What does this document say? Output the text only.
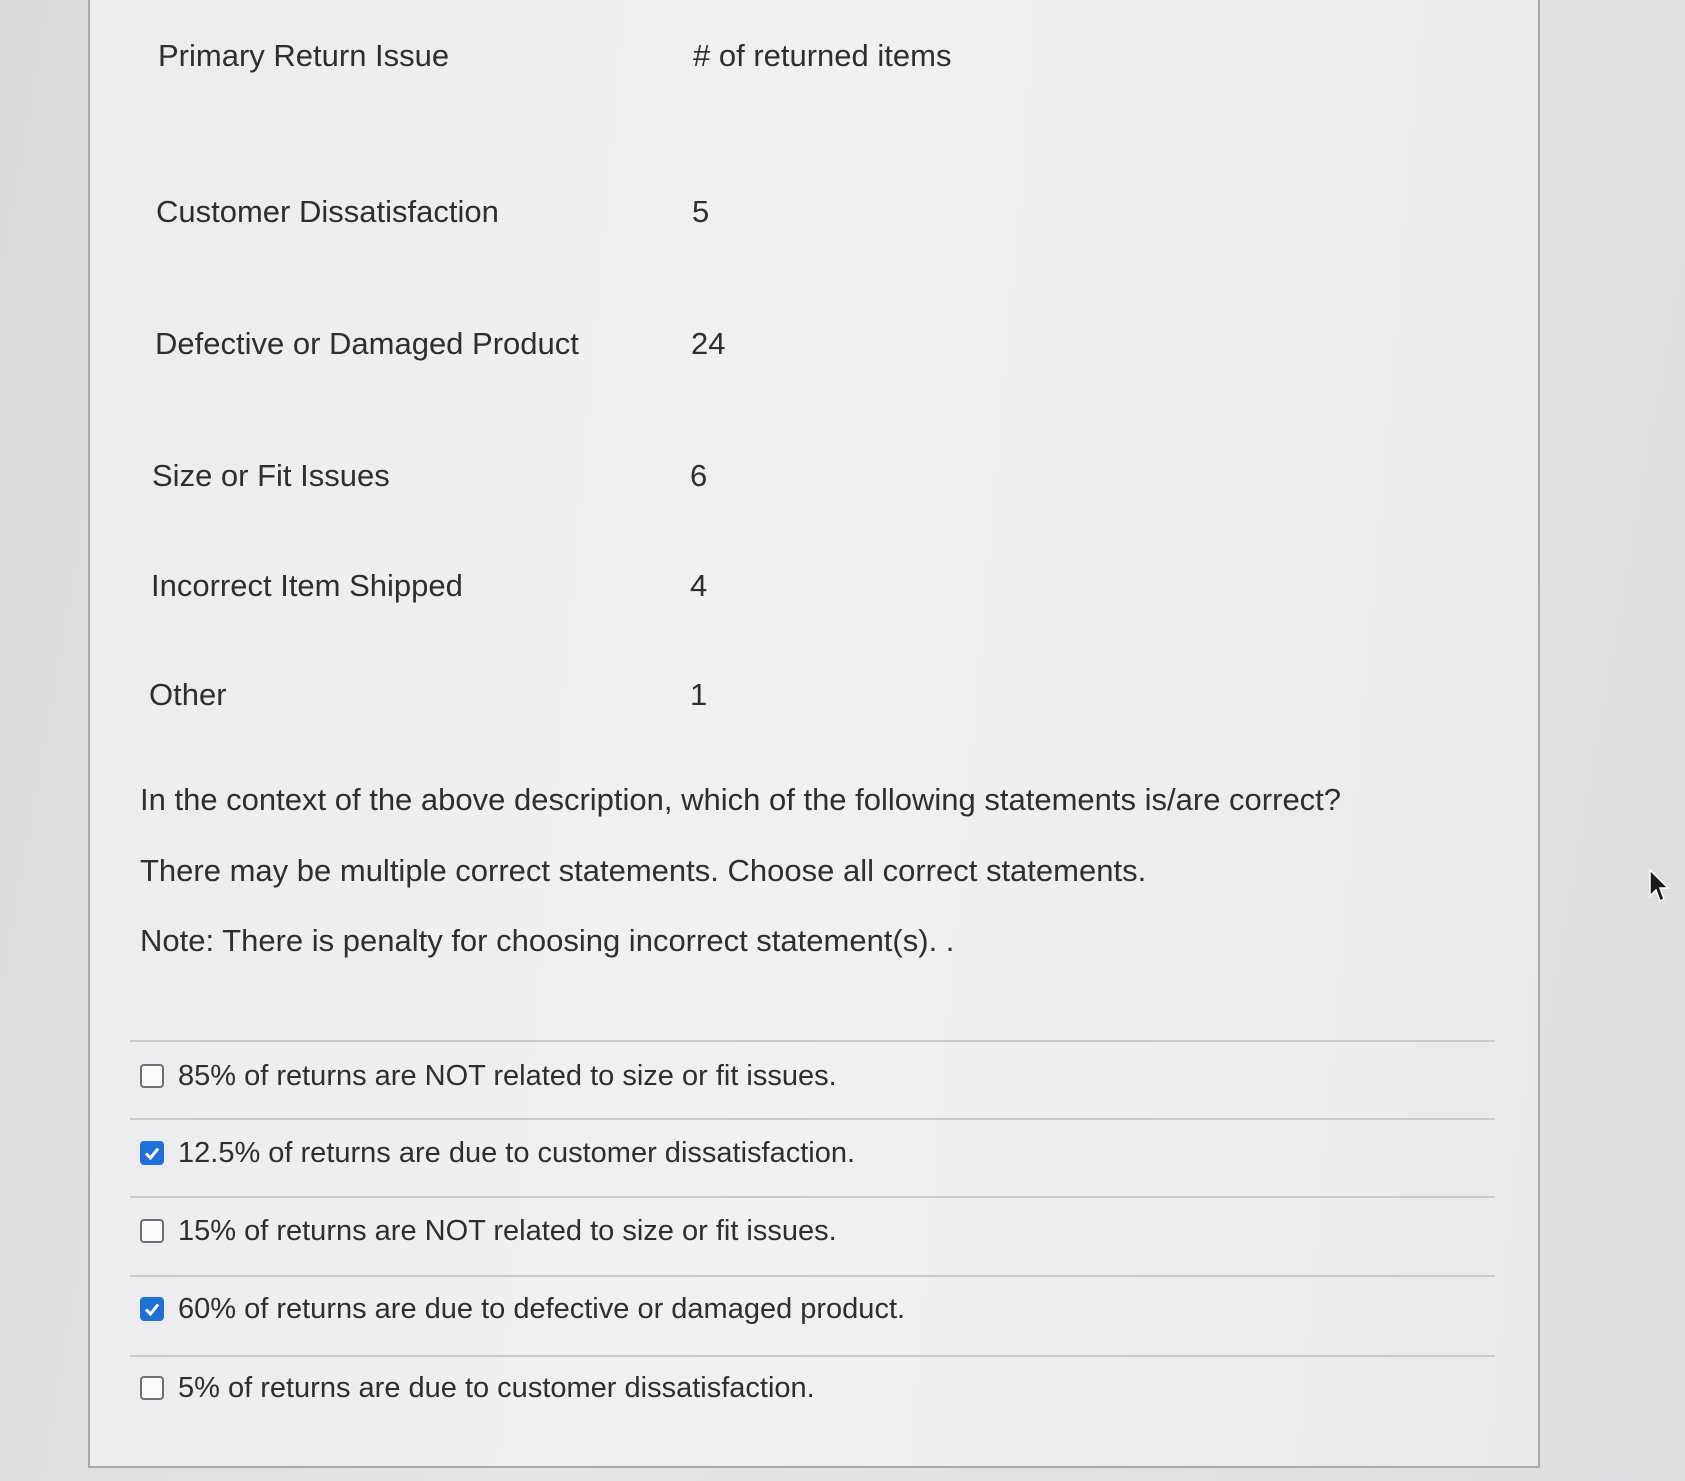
Primary Return Issue	# of returned items
Customer Dissatisfaction	5
Defective or Damaged Product	24
Size or Fit Issues	6
Incorrect Item Shipped	4
Other	1
In the context of the above description, which of the following statements is/are correct?
There may be multiple correct statements. Choose all correct statements.
Note: There is penalty for choosing incorrect statement(s). .
85% of returns are NOT related to size or fit issues.
12.5% of returns are due to customer dissatisfaction.
15% of returns are NOT related to size or fit issues.
60% of returns are due to defective or damaged product.
5% of returns are due to customer dissatisfaction.
